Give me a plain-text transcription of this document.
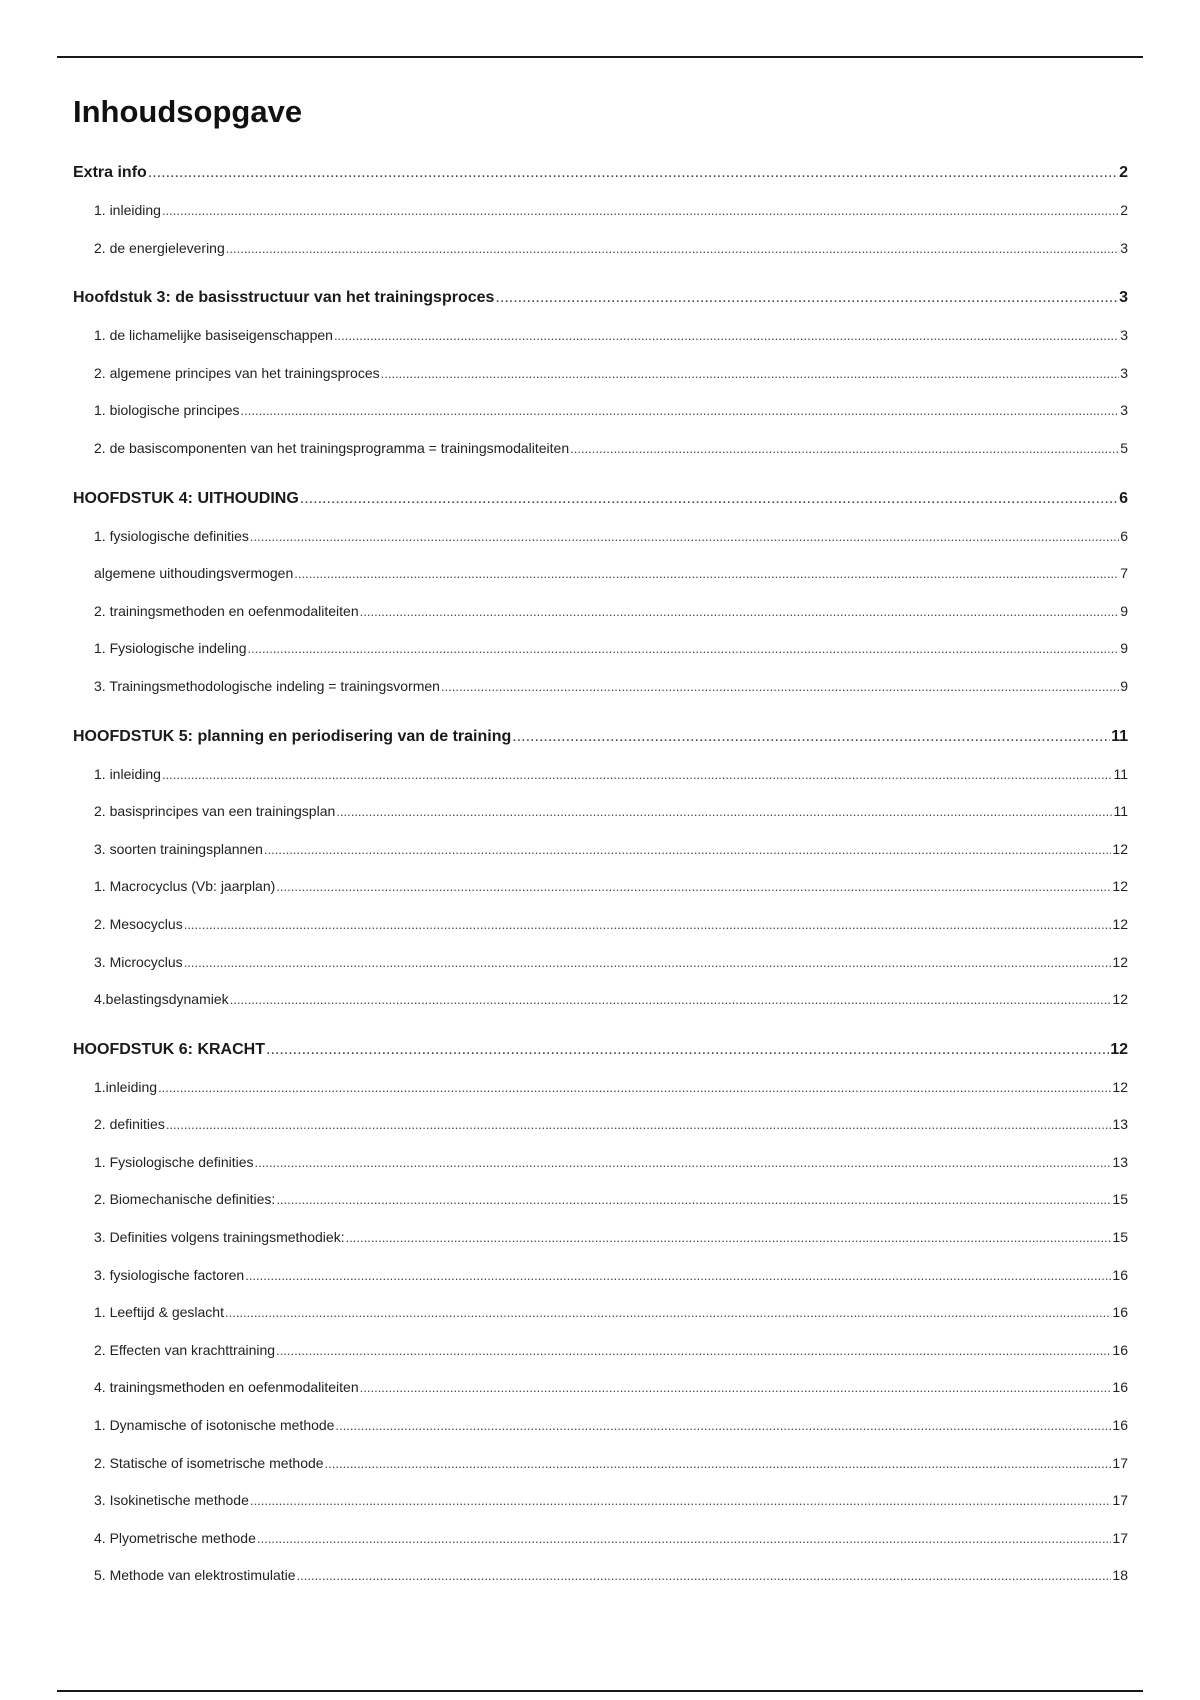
Inhoudsopgave
Extra info .....	2
1. inleiding .....	2
2. de energielevering .....	3
Hoofdstuk 3: de basisstructuur van het trainingsproces .....	3
1. de lichamelijke basiseigenschappen .....	3
2. algemene principes van het trainingsproces .....	3
1. biologische principes .....	3
2. de basiscomponenten van het trainingsprogramma = trainingsmodaliteiten .....	5
HOOFDSTUK 4: UITHOUDING .....	6
1. fysiologische definities .....	6
algemene uithoudingsvermogen .....	7
2. trainingsmethoden en oefenmodaliteiten .....	9
1. Fysiologische indeling .....	9
3. Trainingsmethodologische indeling = trainingsvormen .....	9
HOOFDSTUK 5: planning en periodisering van de training .....	11
1. inleiding .....	11
2. basisprincipes van een trainingsplan .....	11
3. soorten trainingsplannen .....	12
1. Macrocyclus (Vb: jaarplan) .....	12
2. Mesocyclus .....	12
3. Microcyclus .....	12
4.belastingsdynamiek .....	12
HOOFDSTUK 6: KRACHT .....	12
1.inleiding .....	12
2. definities .....	13
1. Fysiologische definities .....	13
2. Biomechanische definities: .....	15
3. Definities volgens trainingsmethodiek: .....	15
3. fysiologische factoren .....	16
1. Leeftijd & geslacht .....	16
2. Effecten van krachttraining .....	16
4. trainingsmethoden en oefenmodaliteiten .....	16
1. Dynamische of isotonische methode .....	16
2. Statische of isometrische methode .....	17
3. Isokinetische methode .....	17
4. Plyometrische methode .....	17
5. Methode van elektrostimulatie .....	18
